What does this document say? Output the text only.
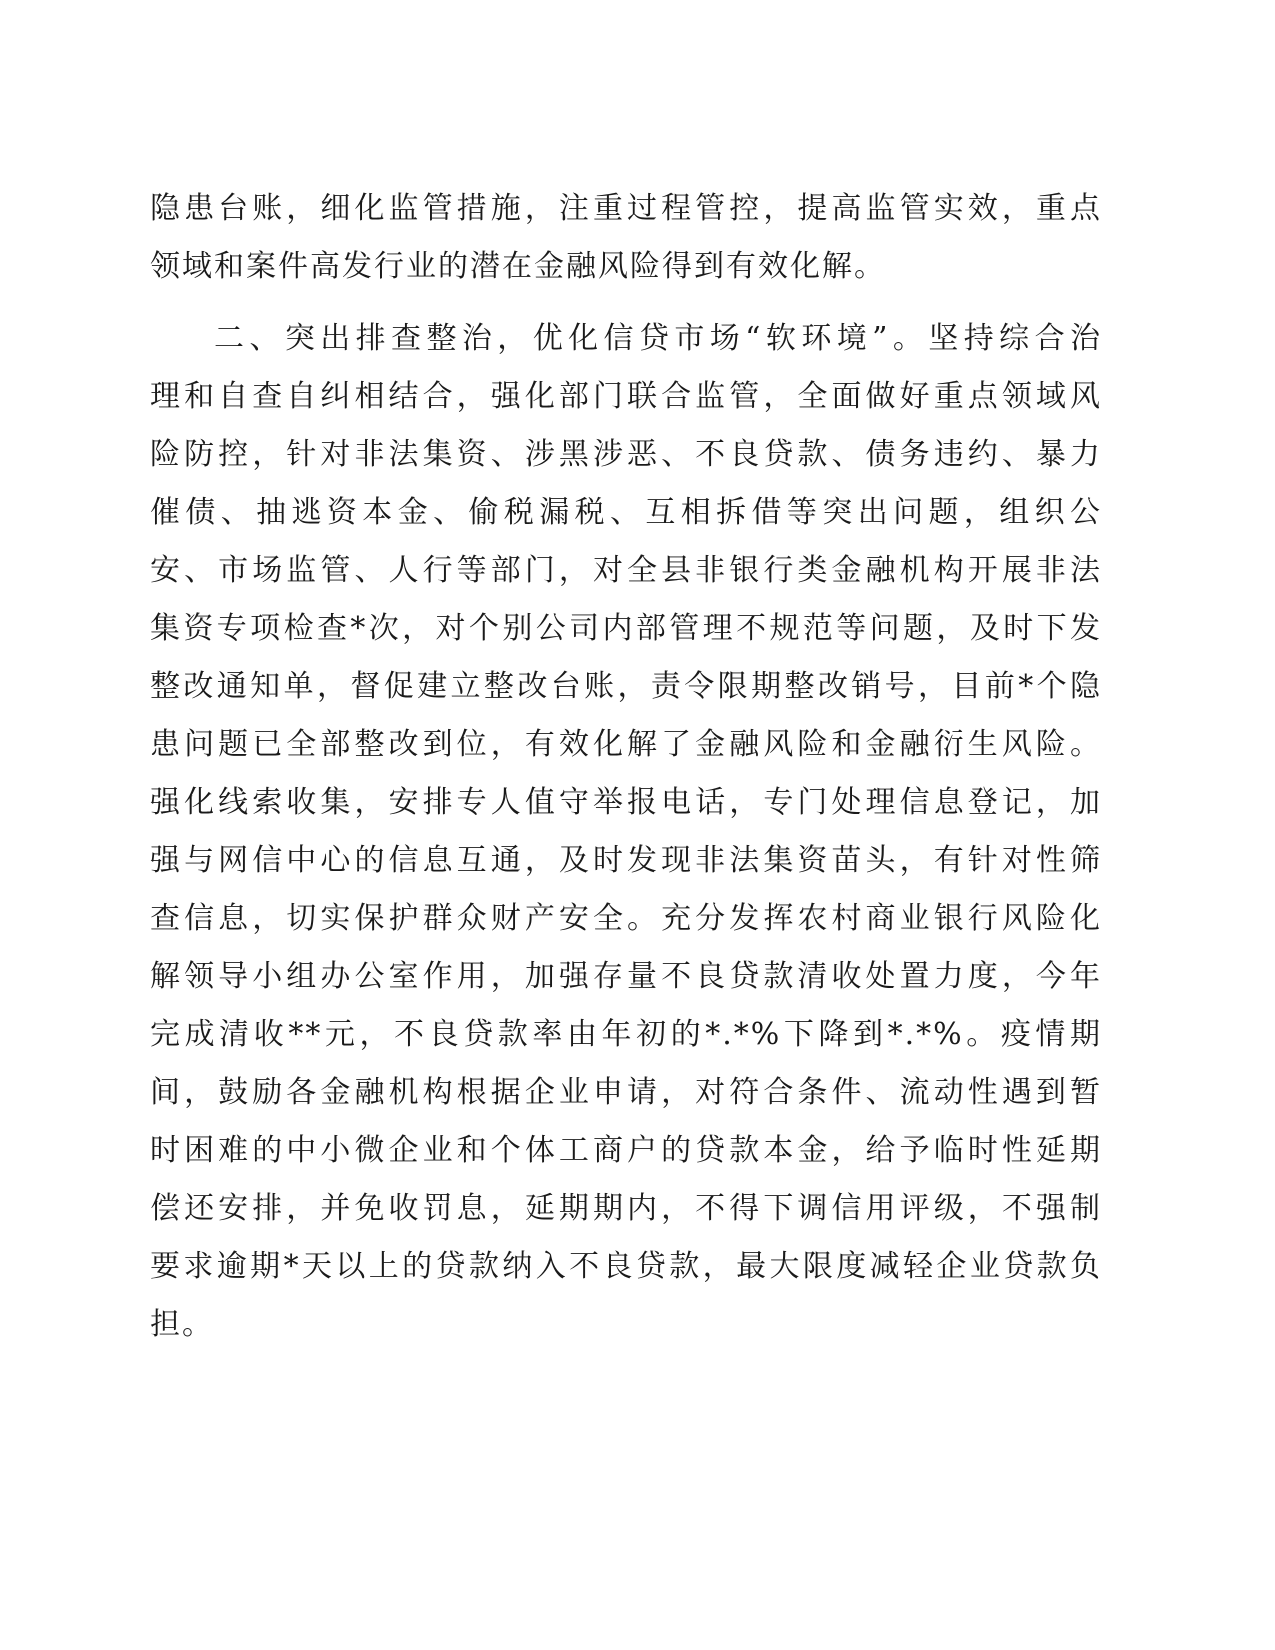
隐患台账，细化监管措施，注重过程管控，提高监管实效，重点
领域和案件高发行业的潜在金融风险得到有效化解。
二、突出排查整治，优化信贷市场“软环境”。坚持综合治
理和自查自纠相结合，强化部门联合监管，全面做好重点领域风
险防控，针对非法集资、涉黑涉恶、不良贷款、债务违约、暴力
催债、抽逃资本金、偷税漏税、互相拆借等突出问题，组织公
安、市场监管、人行等部门，对全县非银行类金融机构开展非法
集资专项检查*次，对个别公司内部管理不规范等问题，及时下发
整改通知单，督促建立整改台账，责令限期整改销号，目前*个隐
患问题已全部整改到位，有效化解了金融风险和金融衍生风险。
强化线索收集，安排专人值守举报电话，专门处理信息登记，加
强与网信中心的信息互通，及时发现非法集资苗头，有针对性筛
查信息，切实保护群众财产安全。充分发挥农村商业银行风险化
解领导小组办公室作用，加强存量不良贷款清收处置力度，今年
完成清收**元，不良贷款率由年初的*.*%下降到*.*%。疫情期
间，鼓励各金融机构根据企业申请，对符合条件、流动性遇到暂
时困难的中小微企业和个体工商户的贷款本金，给予临时性延期
偿还安排，并免收罚息，延期期内，不得下调信用评级，不强制
要求逾期*天以上的贷款纳入不良贷款，最大限度减轻企业贷款负
担。
